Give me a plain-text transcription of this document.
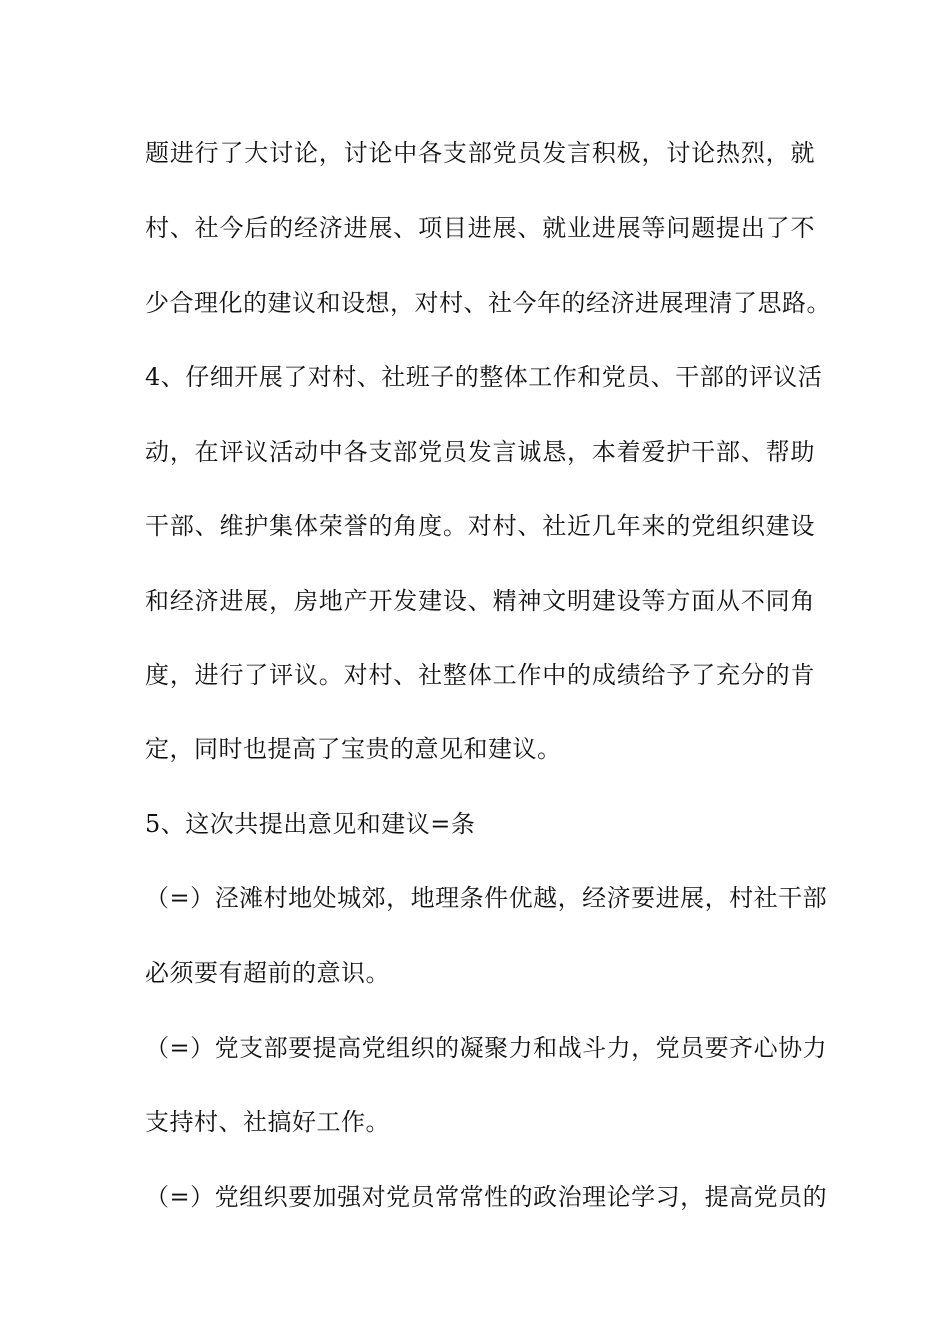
题进行了大讨论，讨论中各支部党员发言积极，讨论热烈，就
村、社今后的经济进展、项目进展、就业进展等问题提出了不
少合理化的建议和设想，对村、社今年的经济进展理清了思路。
4、仔细开展了对村、社班子的整体工作和党员、干部的评议活
动，在评议活动中各支部党员发言诚恳，本着爱护干部、帮助
干部、维护集体荣誉的角度。对村、社近几年来的党组织建设
和经济进展，房地产开发建设、精神文明建设等方面从不同角
度，进行了评议。对村、社整体工作中的成绩给予了充分的肯
定，同时也提高了宝贵的意见和建议。
5、这次共提出意见和建议=条
（=）泾滩村地处城郊，地理条件优越，经济要进展，村社干部
必须要有超前的意识。
（=）党支部要提高党组织的凝聚力和战斗力，党员要齐心协力
支持村、社搞好工作。
（=）党组织要加强对党员常常性的政治理论学习，提高党员的
